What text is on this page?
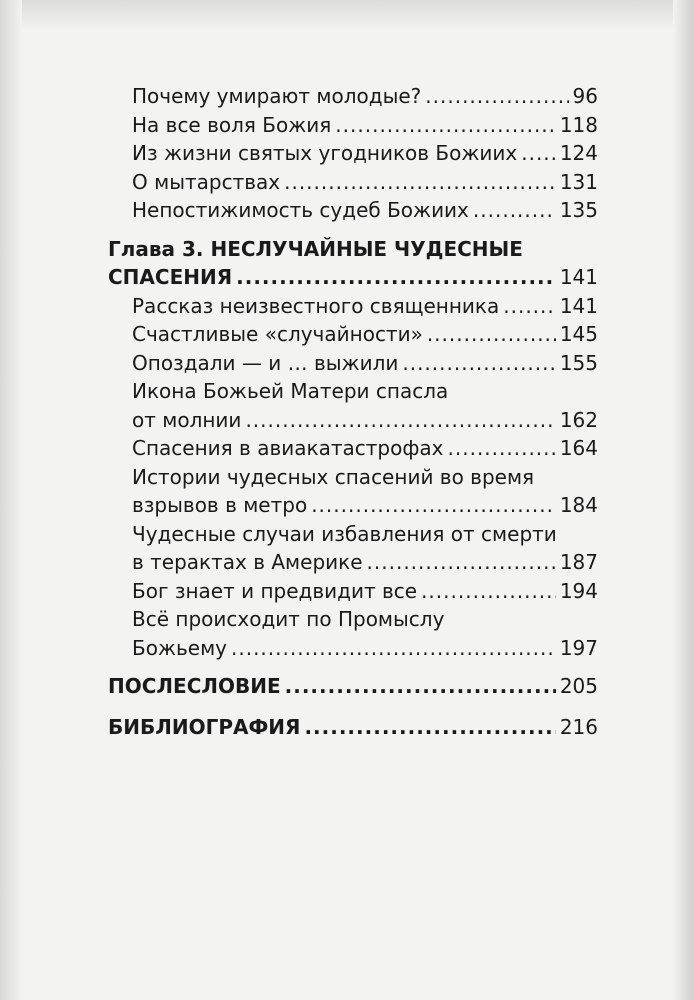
Почему умирают молодые? .....	96
На все воля Божия .....	118
Из жизни святых угодников Божиих ..... 124
О мытарствах .....	131
Непостижимость судеб Божиих .....	135
Глава 3. НЕСЛУЧАЙНЫЕ ЧУДЕСНЫЕ
СПАСЕНИЯ .....	141
Рассказ неизвестного священника .....	141
Счастливые «случайности» .....	145
Опоздали — и … выжили .....	155
Икона Божьей Матери спасла
от молнии .....	162
Спасения в авиакатастрофах .....	164
Истории чудесных спасений во время
взрывов в метро .....	184
Чудесные случаи избавления от смерти
в терактах в Америке .....	187
Бог знает и предвидит все .....	194
Всё происходит по Промыслу
Божьему .....	197
ПОСЛЕСЛОВИЕ .....	205
БИБЛИОГРАФИЯ .....	216
